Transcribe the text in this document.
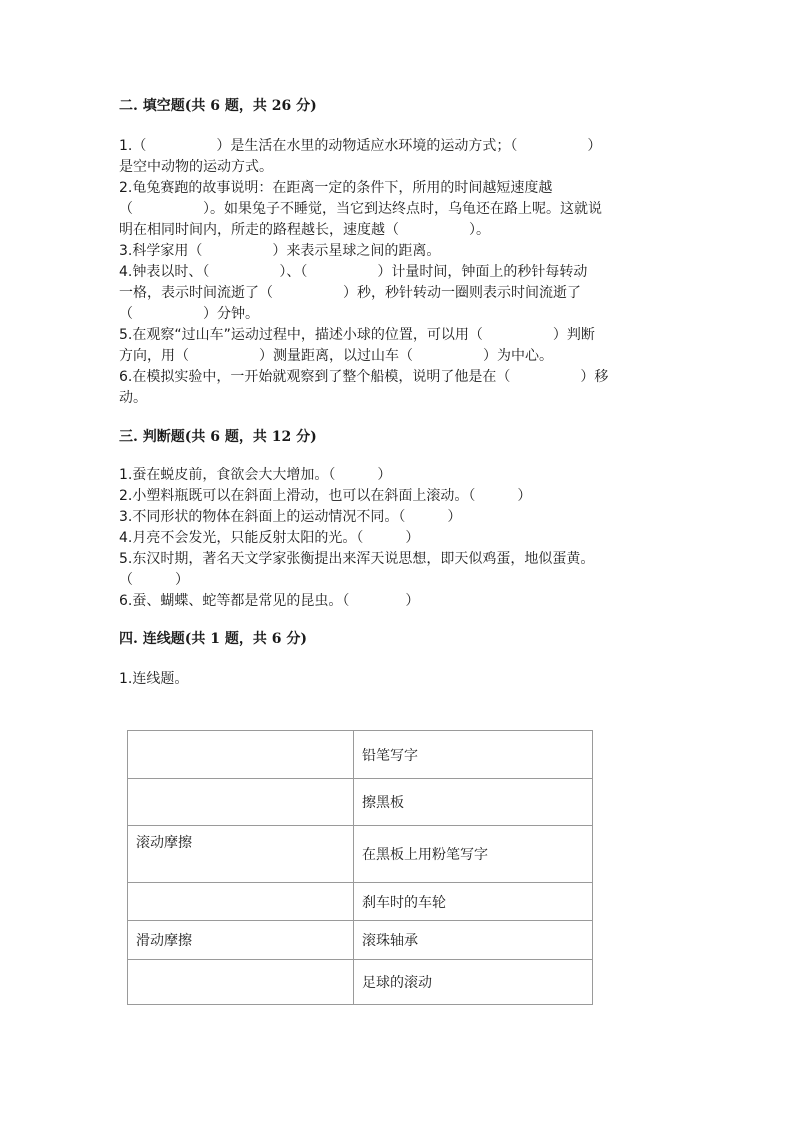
二. 填空题(共 6 题，共 26 分)
1.（　　　　　）是生活在水里的动物适应水环境的运动方式；（　　　　　）
是空中动物的运动方式。
2.龟兔赛跑的故事说明：在距离一定的条件下，所用的时间越短速度越
（　　　　　）。如果兔子不睡觉，当它到达终点时，乌龟还在路上呢。这就说
明在相同时间内，所走的路程越长，速度越（　　　　　）。
3.科学家用（　　　　　）来表示星球之间的距离。
4.钟表以时、（　　　　　）、（　　　　　）计量时间，钟面上的秒针每转动
一格，表示时间流逝了（　　　　　）秒，秒针转动一圈则表示时间流逝了
（　　　　　）分钟。
5.在观察“过山车”运动过程中，描述小球的位置，可以用（　　　　　）判断
方向，用（　　　　　）测量距离，以过山车（　　　　　）为中心。
6.在模拟实验中，一开始就观察到了整个船模，说明了他是在（　　　　　）移
动。
三. 判断题(共 6 题，共 12 分)
1.蚕在蜕皮前，食欲会大大增加。（　　　）
2.小塑料瓶既可以在斜面上滑动，也可以在斜面上滚动。（　　　）
3.不同形状的物体在斜面上的运动情况不同。（　　　）
4.月亮不会发光，只能反射太阳的光。（　　　）
5.东汉时期，著名天文学家张衡提出来浑天说思想，即天似鸡蛋，地似蛋黄。
（　　　）
6.蚕、蝴蝶、蛇等都是常见的昆虫。（　　　　）
四. 连线题(共 1 题，共 6 分)
1.连线题。
	铅笔写字
	擦黑板
滚动摩擦	在黑板上用粉笔写字
	刹车时的车轮
滑动摩擦	滚珠轴承
	足球的滚动
